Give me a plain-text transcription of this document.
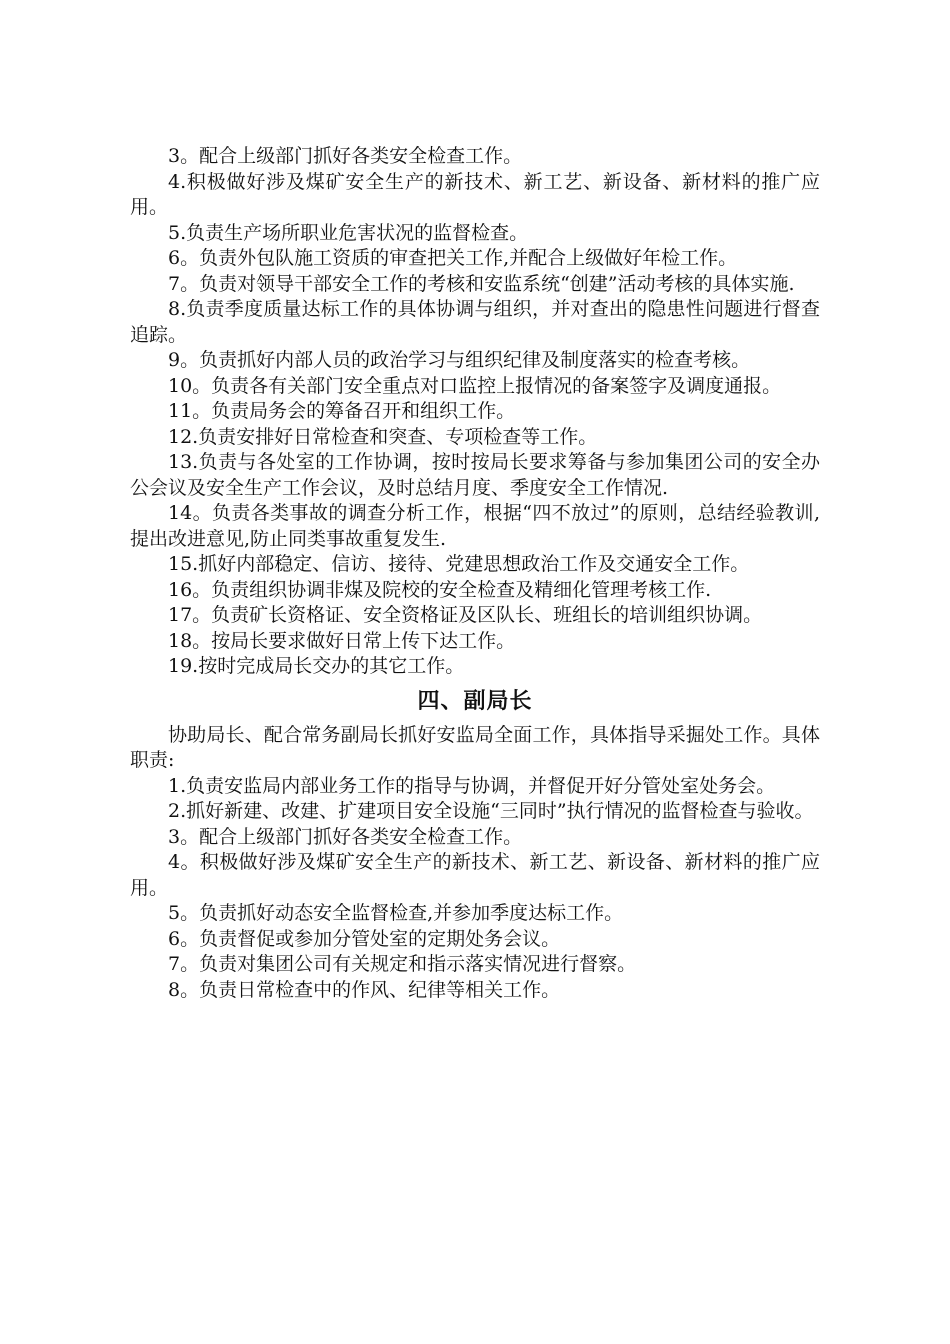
3。配合上级部门抓好各类安全检查工作。

4.积极做好涉及煤矿安全生产的新技术、新工艺、新设备、新材料的推广应用。

5.负责生产场所职业危害状况的监督检查。

6。负责外包队施工资质的审查把关工作,并配合上级做好年检工作。

7。负责对领导干部安全工作的考核和安监系统“创建”活动考核的具体实施.

8.负责季度质量达标工作的具体协调与组织，并对查出的隐患性问题进行督查追踪。

9。负责抓好内部人员的政治学习与组织纪律及制度落实的检查考核。

10。负责各有关部门安全重点对口监控上报情况的备案签字及调度通报。

11。负责局务会的筹备召开和组织工作。

12.负责安排好日常检查和突查、专项检查等工作。

13.负责与各处室的工作协调，按时按局长要求筹备与参加集团公司的安全办公会议及安全生产工作会议，及时总结月度、季度安全工作情况.

14。负责各类事故的调查分析工作，根据“四不放过”的原则，总结经验教训,提出改进意见,防止同类事故重复发生.

15.抓好内部稳定、信访、接待、党建思想政治工作及交通安全工作。

16。负责组织协调非煤及院校的安全检查及精细化管理考核工作.

17。负责矿长资格证、安全资格证及区队长、班组长的培训组织协调。

18。按局长要求做好日常上传下达工作。

19.按时完成局长交办的其它工作。

四、副局长

协助局长、配合常务副局长抓好安监局全面工作，具体指导采掘处工作。具体职责:

1.负责安监局内部业务工作的指导与协调，并督促开好分管处室处务会。

2.抓好新建、改建、扩建项目安全设施“三同时”执行情况的监督检查与验收。

3。配合上级部门抓好各类安全检查工作。

4。积极做好涉及煤矿安全生产的新技术、新工艺、新设备、新材料的推广应用。

5。负责抓好动态安全监督检查,并参加季度达标工作。

6。负责督促或参加分管处室的定期处务会议。

7。负责对集团公司有关规定和指示落实情况进行督察。

8。负责日常检查中的作风、纪律等相关工作。
